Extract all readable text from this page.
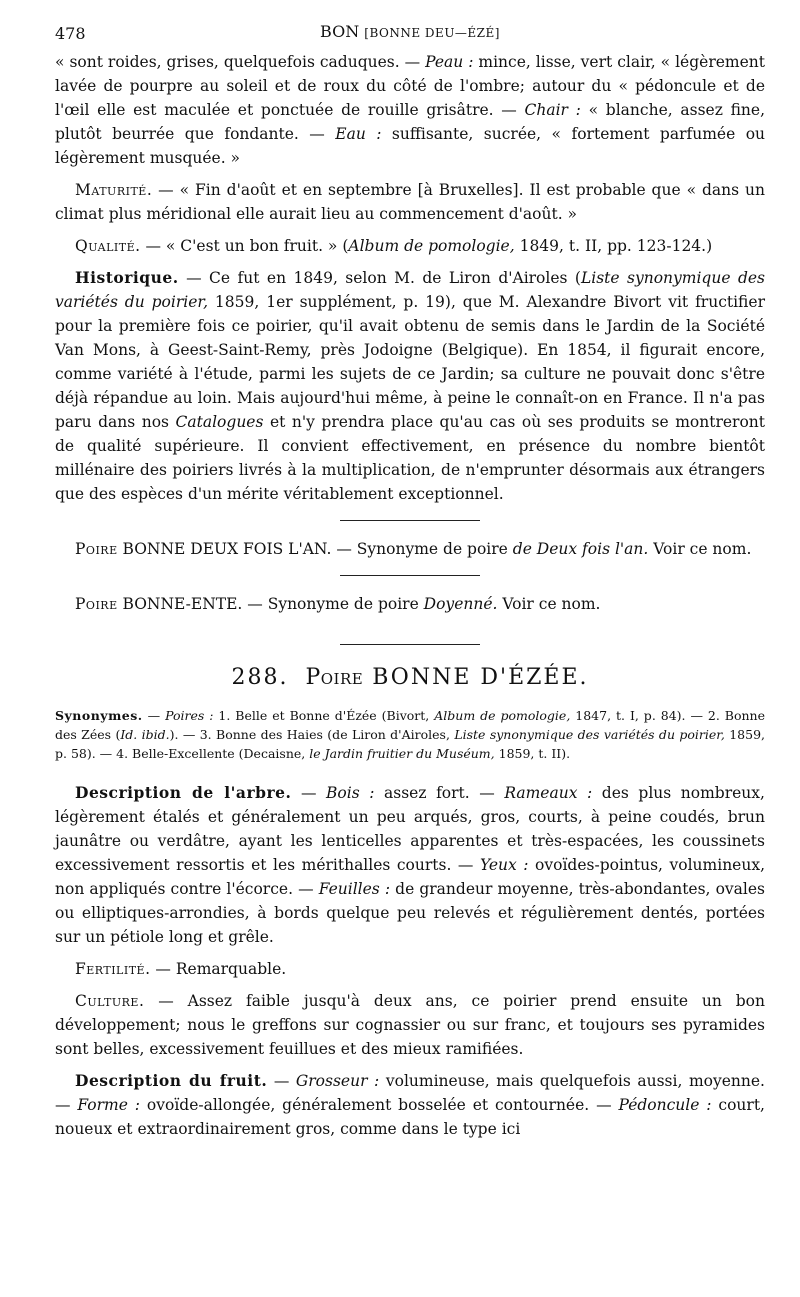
478	BON [BONNE DEU—ÉZÉ]

« sont roides, grises, quelquefois caduques. — Peau : mince, lisse, vert clair, « légèrement lavée de pourpre au soleil et de roux du côté de l'ombre; autour du « pédoncule et de l'œil elle est maculée et ponctuée de rouille grisâtre. — Chair : « blanche, assez fine, plutôt beurrée que fondante. — Eau : suffisante, sucrée, « fortement parfumée ou légèrement musquée. »

Maturité. — « Fin d'août et en septembre [à Bruxelles]. Il est probable que « dans un climat plus méridional elle aurait lieu au commencement d'août. »

Qualité. — « C'est un bon fruit. » (Album de pomologie, 1849, t. II, pp. 123-124.)

Historique. — Ce fut en 1849, selon M. de Liron d'Airoles (Liste synonymique des variétés du poirier, 1859, 1er supplément, p. 19), que M. Alexandre Bivort vit fructifier pour la première fois ce poirier, qu'il avait obtenu de semis dans le Jardin de la Société Van Mons, à Geest-Saint-Remy, près Jodoigne (Belgique). En 1854, il figurait encore, comme variété à l'étude, parmi les sujets de ce Jardin; sa culture ne pouvait donc s'être déjà répandue au loin. Mais aujourd'hui même, à peine le connaît-on en France. Il n'a pas paru dans nos Catalogues et n'y prendra place qu'au cas où ses produits se montreront de qualité supérieure. Il convient effectivement, en présence du nombre bientôt millénaire des poiriers livrés à la multiplication, de n'emprunter désormais aux étrangers que des espèces d'un mérite véritablement exceptionnel.

Poire BONNE DEUX FOIS L'AN. — Synonyme de poire de Deux fois l'an. Voir ce nom.

Poire BONNE-ENTE. — Synonyme de poire Doyenné. Voir ce nom.

288. Poire BONNE D'ÉZÉE.

Synonymes. — Poires : 1. Belle et Bonne d'Ézée (Bivort, Album de pomologie, 1847, t. I, p. 84). — 2. Bonne des Zées (Id. ibid.). — 3. Bonne des Haies (de Liron d'Airoles, Liste synonymique des variétés du poirier, 1859, p. 58). — 4. Belle-Excellente (Decaisne, le Jardin fruitier du Muséum, 1859, t. II).

Description de l'arbre. — Bois : assez fort. — Rameaux : des plus nombreux, légèrement étalés et généralement un peu arqués, gros, courts, à peine coudés, brun jaunâtre ou verdâtre, ayant les lenticelles apparentes et très-espacées, les coussinets excessivement ressortis et les mérithalles courts. — Yeux : ovoïdes-pointus, volumineux, non appliqués contre l'écorce. — Feuilles : de grandeur moyenne, très-abondantes, ovales ou elliptiques-arrondies, à bords quelque peu relevés et régulièrement dentés, portées sur un pétiole long et grêle.

Fertilité. — Remarquable.

Culture. — Assez faible jusqu'à deux ans, ce poirier prend ensuite un bon développement; nous le greffons sur cognassier ou sur franc, et toujours ses pyramides sont belles, excessivement feuillues et des mieux ramifiées.

Description du fruit. — Grosseur : volumineuse, mais quelquefois aussi, moyenne. — Forme : ovoïde-allongée, généralement bosselée et contournée. — Pédoncule : court, noueux et extraordinairement gros, comme dans le type ici
